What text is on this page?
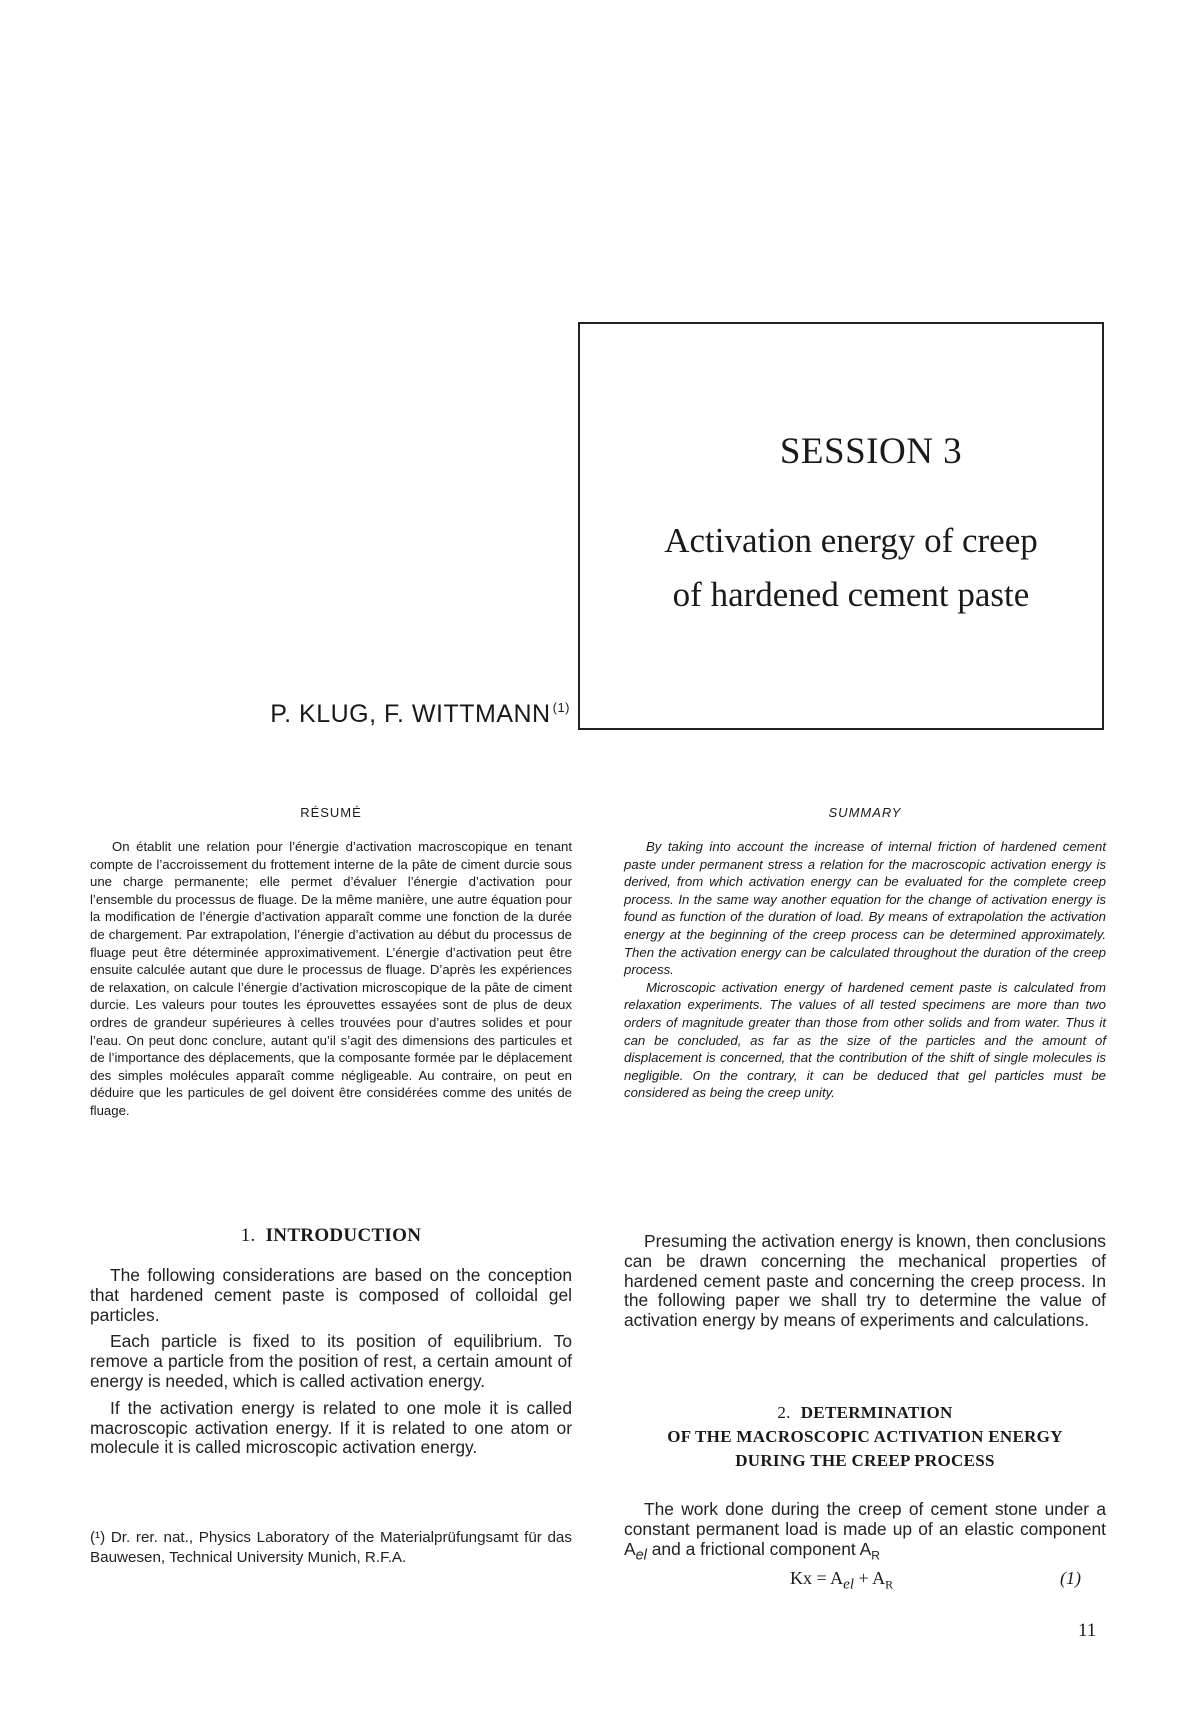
SESSION 3
Activation energy of creep
of hardened cement paste
P. KLUG, F. WITTMANN $^{(1)}$
RÉSUMÉ	SUMMARY

On établit une relation pour l’énergie d’activation macroscopique en tenant compte de l’accroissement du frottement interne de la pâte de ciment durcie sous une charge permanente; elle permet d’évaluer l’énergie d’activation pour l’ensemble du processus de fluage. De la même manière, une autre équation pour la modification de l’énergie d’activation apparaît comme une fonction de la durée de chargement. Par extrapolation, l’énergie d’activation au début du processus de fluage peut être déterminée approximativement. L’énergie d’activation peut être ensuite calculée autant que dure le processus de fluage. D’après les expériences de relaxation, on calcule l’énergie d’activation microscopique de la pâte de ciment durcie. Les valeurs pour toutes les éprouvettes essayées sont de plus de deux ordres de grandeur supérieures à celles trouvées pour d’autres solides et pour l’eau. On peut donc conclure, autant qu’il s’agit des dimensions des particules et de l’importance des déplacements, que la composante formée par le déplacement des simples molécules apparaît comme négligeable. Au contraire, on peut en déduire que les particules de gel doivent être considérées comme des unités de fluage.

By taking into account the increase of internal friction of hardened cement paste under permanent stress a relation for the macroscopic activation energy is derived, from which activation energy can be evaluated for the complete creep process. In the same way another equation for the change of activation energy is found as function of the duration of load. By means of extrapolation the activation energy at the beginning of the creep process can be determined approximately. Then the activation energy can be calculated throughout the duration of the creep process.

Microscopic activation energy of hardened cement paste is calculated from relaxation experiments. The values of all tested specimens are more than two orders of magnitude greater than those from other solids and from water. Thus it can be concluded, as far as the size of the particles and the amount of displacement is concerned, that the contribution of the shift of single molecules is negligible. On the contrary, it can be deduced that gel particles must be considered as being the creep unity.

1. INTRODUCTION

The following considerations are based on the conception that hardened cement paste is composed of colloidal gel particles.

Each particle is fixed to its position of equilibrium. To remove a particle from the position of rest, a certain amount of energy is needed, which is called activation energy.

If the activation energy is related to one mole it is called macroscopic activation energy. If it is related to one atom or molecule it is called microscopic activation energy.

(¹) Dr. rer. nat., Physics Laboratory of the Materialprüfungsamt für das Bauwesen, Technical University Munich, R.F.A.

Presuming the activation energy is known, then conclusions can be drawn concerning the mechanical properties of hardened cement paste and concerning the creep process. In the following paper we shall try to determine the value of activation energy by means of experiments and calculations.

2. DETERMINATION
OF THE MACROSCOPIC ACTIVATION ENERGY
DURING THE CREEP PROCESS

The work done during the creep of cement stone under a constant permanent load is made up of an elastic component $A_{el}$ and a frictional component $A_R$

$Kx = A_{el} + A_R$	(1)
11
